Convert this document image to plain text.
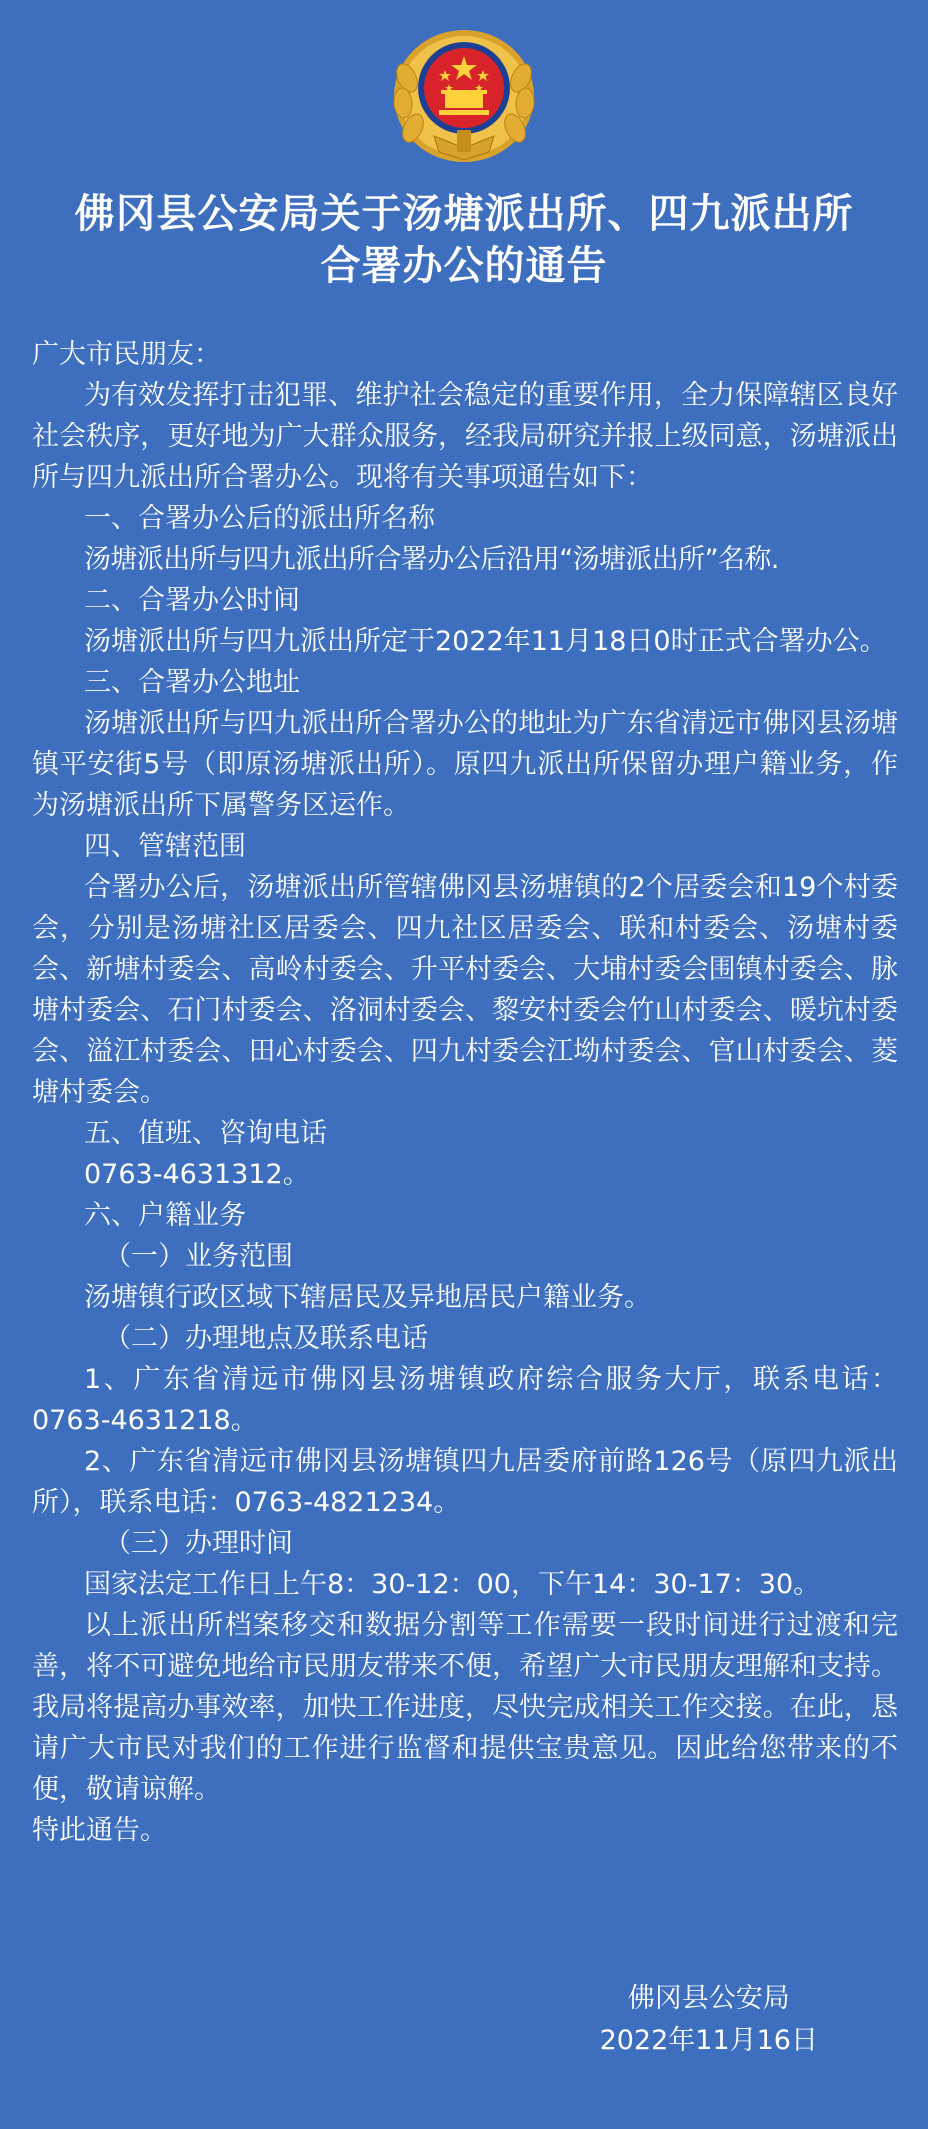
佛冈县公安局关于汤塘派出所、四九派出所
合署办公的通告

广大市民朋友：

为有效发挥打击犯罪、维护社会稳定的重要作用，全力保障辖区良好社会秩序，更好地为广大群众服务，经我局研究并报上级同意，汤塘派出所与四九派出所合署办公。现将有关事项通告如下：

一、合署办公后的派出所名称

汤塘派出所与四九派出所合署办公后沿用“汤塘派出所”名称.

二、合署办公时间

汤塘派出所与四九派出所定于2022年11月18日0时正式合署办公。

三、合署办公地址

汤塘派出所与四九派出所合署办公的地址为广东省清远市佛冈县汤塘镇平安街5号（即原汤塘派出所）。原四九派出所保留办理户籍业务，作为汤塘派出所下属警务区运作。

四、管辖范围

合署办公后，汤塘派出所管辖佛冈县汤塘镇的2个居委会和19个村委会，分别是汤塘社区居委会、四九社区居委会、联和村委会、汤塘村委会、新塘村委会、高岭村委会、升平村委会、大埔村委会围镇村委会、脉塘村委会、石门村委会、洛洞村委会、黎安村委会竹山村委会、暖坑村委会、溢江村委会、田心村委会、四九村委会江坳村委会、官山村委会、菱塘村委会。

五、值班、咨询电话

0763-4631312。

六、户籍业务

（一）业务范围

汤塘镇行政区域下辖居民及异地居民户籍业务。

（二）办理地点及联系电话

1、广东省清远市佛冈县汤塘镇政府综合服务大厅，联系电话：0763-4631218。

2、广东省清远市佛冈县汤塘镇四九居委府前路126号（原四九派出所），联系电话：0763-4821234。

（三）办理时间

国家法定工作日上午8：30-12：00，下午14：30-17：30。

以上派出所档案移交和数据分割等工作需要一段时间进行过渡和完善，将不可避免地给市民朋友带来不便，希望广大市民朋友理解和支持。我局将提高办事效率，加快工作进度，尽快完成相关工作交接。在此，恳请广大市民对我们的工作进行监督和提供宝贵意见。因此给您带来的不便，敬请谅解。

特此通告。

佛冈县公安局
2022年11月16日
